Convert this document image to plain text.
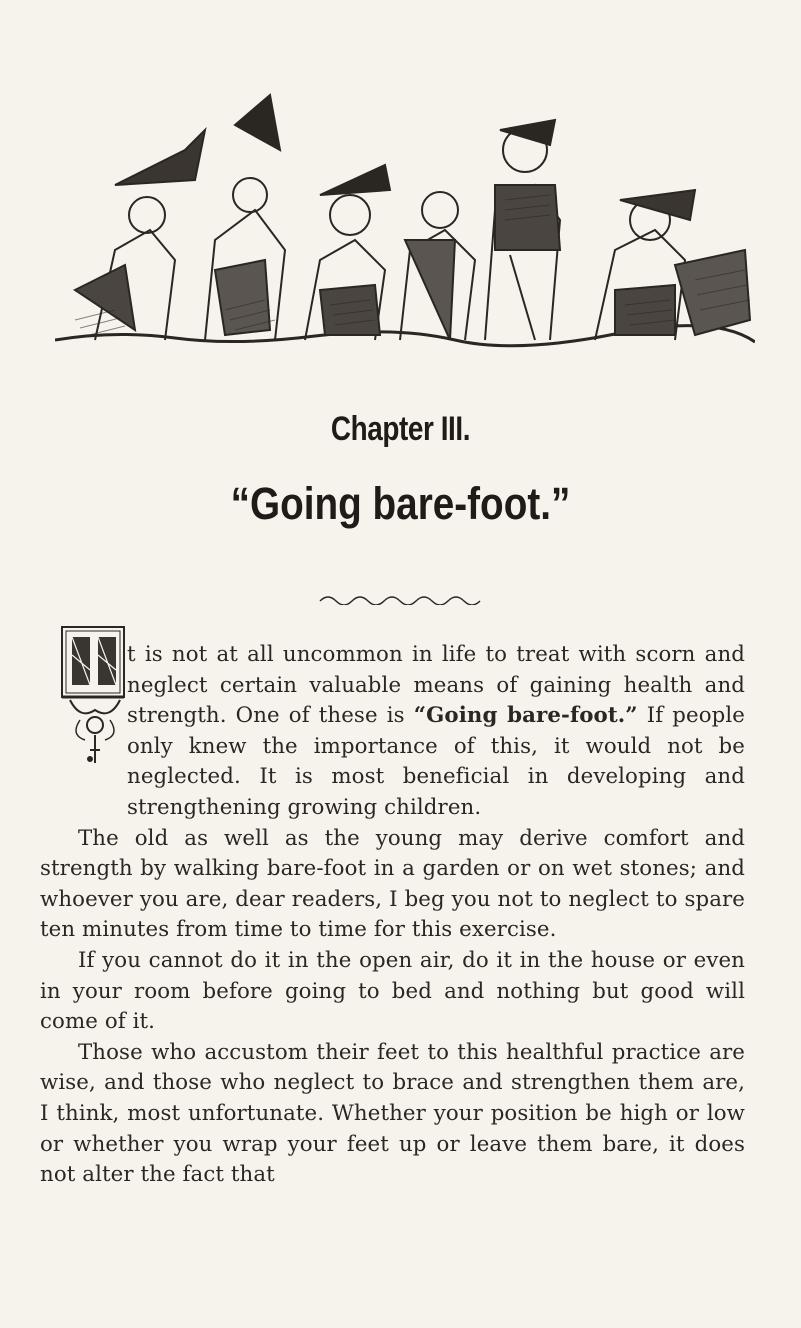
Chapter III.
“Going bare-foot.”

t is not at all uncommon in life to treat with scorn and neglect certain valuable means of gaining health and strength. One of these is “Going bare-foot.” If people only knew the importance of this, it would not be neglected. It is most beneficial in developing and strengthening growing children.

The old as well as the young may derive comfort and strength by walking bare-foot in a garden or on wet stones; and whoever you are, dear readers, I beg you not to neglect to spare ten minutes from time to time for this exercise.

If you cannot do it in the open air, do it in the house or even in your room before going to bed and nothing but good will come of it.

Those who accustom their feet to this healthful practice are wise, and those who neglect to brace and strengthen them are, I think, most unfortunate. Whether your position be high or low or whether you wrap your feet up or leave them bare, it does not alter the fact that
